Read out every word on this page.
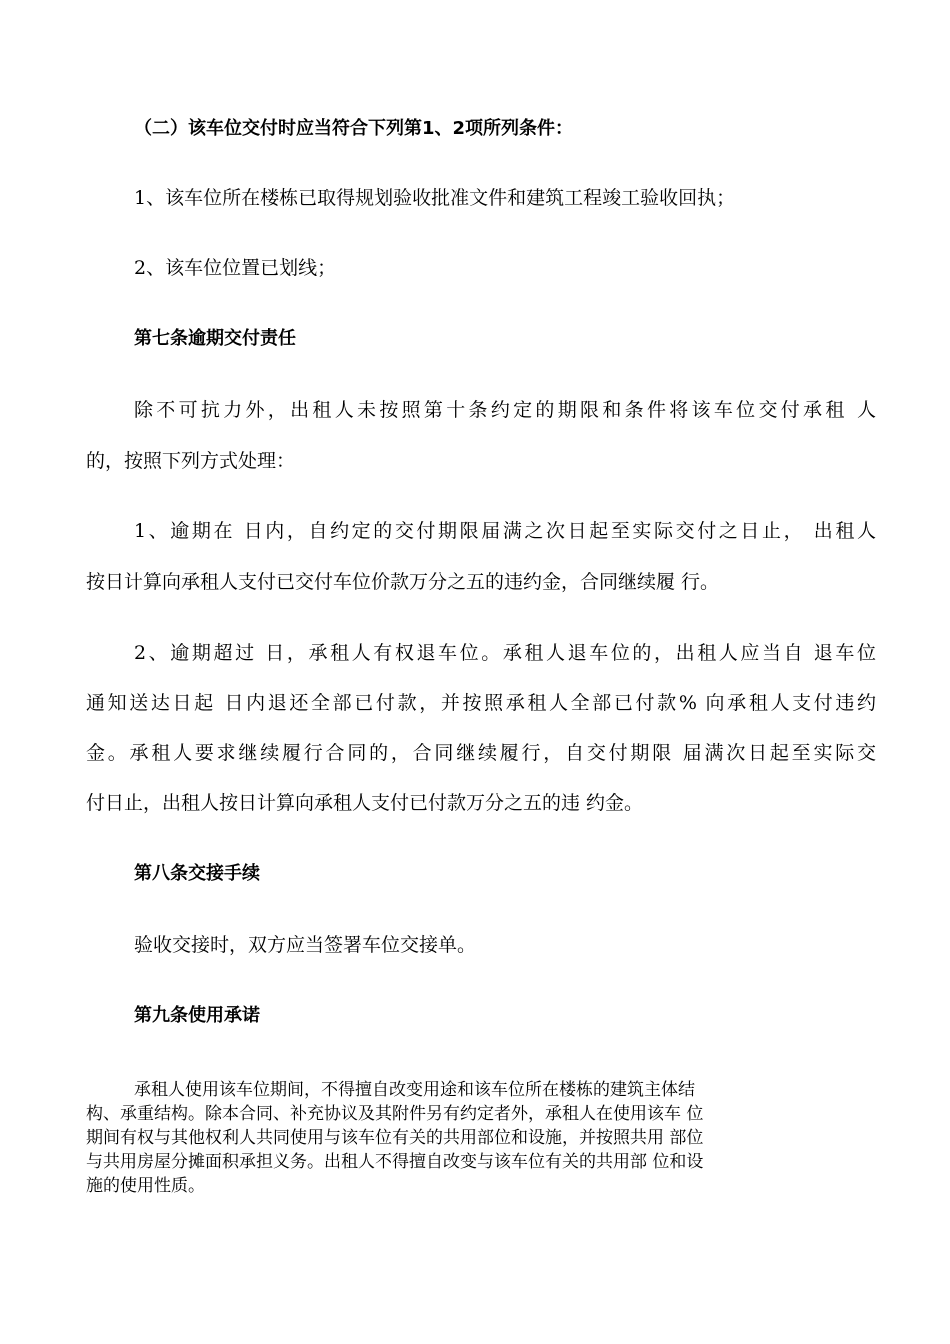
（二）该车位交付时应当符合下列第1、2项所列条件：
1、该车位所在楼栋已取得规划验收批准文件和建筑工程竣工验收回执；
2、该车位位置已划线；
第七条逾期交付责任
除不可抗力外，出租人未按照第十条约定的期限和条件将该车位交付承租 人
的，按照下列方式处理：
1、逾期在 日内，自约定的交付期限届满之次日起至实际交付之日止， 出租人
按日计算向承租人支付已交付车位价款万分之五的违约金，合同继续履 行。
2、逾期超过 日，承租人有权退车位。承租人退车位的，出租人应当自 退车位
通知送达日起 日内退还全部已付款，并按照承租人全部已付款% 向承租人支付违约
金。承租人要求继续履行合同的，合同继续履行，自交付期限 届满次日起至实际交
付日止，出租人按日计算向承租人支付已付款万分之五的违 约金。
第八条交接手续
验收交接时，双方应当签署车位交接单。
第九条使用承诺
承租人使用该车位期间，不得擅自改变用途和该车位所在楼栋的建筑主体结
构、承重结构。除本合同、补充协议及其附件另有约定者外，承租人在使用该车 位
期间有权与其他权利人共同使用与该车位有关的共用部位和设施，并按照共用 部位
与共用房屋分摊面积承担义务。出租人不得擅自改变与该车位有关的共用部 位和设
施的使用性质。
